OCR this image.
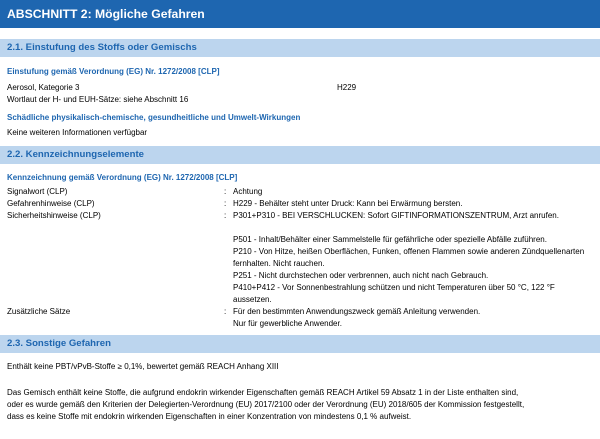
ABSCHNITT 2: Mögliche Gefahren
2.1. Einstufung des Stoffs oder Gemischs
Einstufung gemäß Verordnung (EG) Nr. 1272/2008 [CLP]
Aerosol, Kategorie 3	H229
Wortlaut der H- und EUH-Sätze: siehe Abschnitt 16
Schädliche physikalisch-chemische, gesundheitliche und Umwelt-Wirkungen
Keine weiteren Informationen verfügbar
2.2. Kennzeichnungselemente
Kennzeichnung gemäß Verordnung (EG) Nr. 1272/2008 [CLP]
Signalwort (CLP)	: Achtung
Gefahrenhinweise (CLP)	: H229 - Behälter steht unter Druck: Kann bei Erwärmung bersten.
Sicherheitshinweise (CLP)	: P301+P310 - BEI VERSCHLUCKEN: Sofort GIFTINFORMATIONSZENTRUM, Arzt anrufen.
P501 - Inhalt/Behälter einer Sammelstelle für gefährliche oder spezielle Abfälle zuführen.
P210 - Von Hitze, heißen Oberflächen, Funken, offenen Flammen sowie anderen Zündquellenarten fernhalten. Nicht rauchen.
P251 - Nicht durchstechen oder verbrennen, auch nicht nach Gebrauch.
P410+P412 - Vor Sonnenbestrahlung schützen und nicht Temperaturen über 50 °C, 122 °F aussetzen.
Zusätzliche Sätze	: Für den bestimmten Anwendungszweck gemäß Anleitung verwenden.
Nur für gewerbliche Anwender.
2.3. Sonstige Gefahren
Enthält keine PBT/vPvB-Stoffe ≥ 0,1%, bewertet gemäß REACH Anhang XIII
Das Gemisch enthält keine Stoffe, die aufgrund endokrin wirkender Eigenschaften gemäß REACH Artikel 59 Absatz 1 in der Liste enthalten sind,
oder es wurde gemäß den Kriterien der Delegierten-Verordnung (EU) 2017/2100 oder der Verordnung (EU) 2018/605 der Kommission festgestellt,
dass es keine Stoffe mit endokrin wirkenden Eigenschaften in einer Konzentration von mindestens 0,1 % aufweist.
